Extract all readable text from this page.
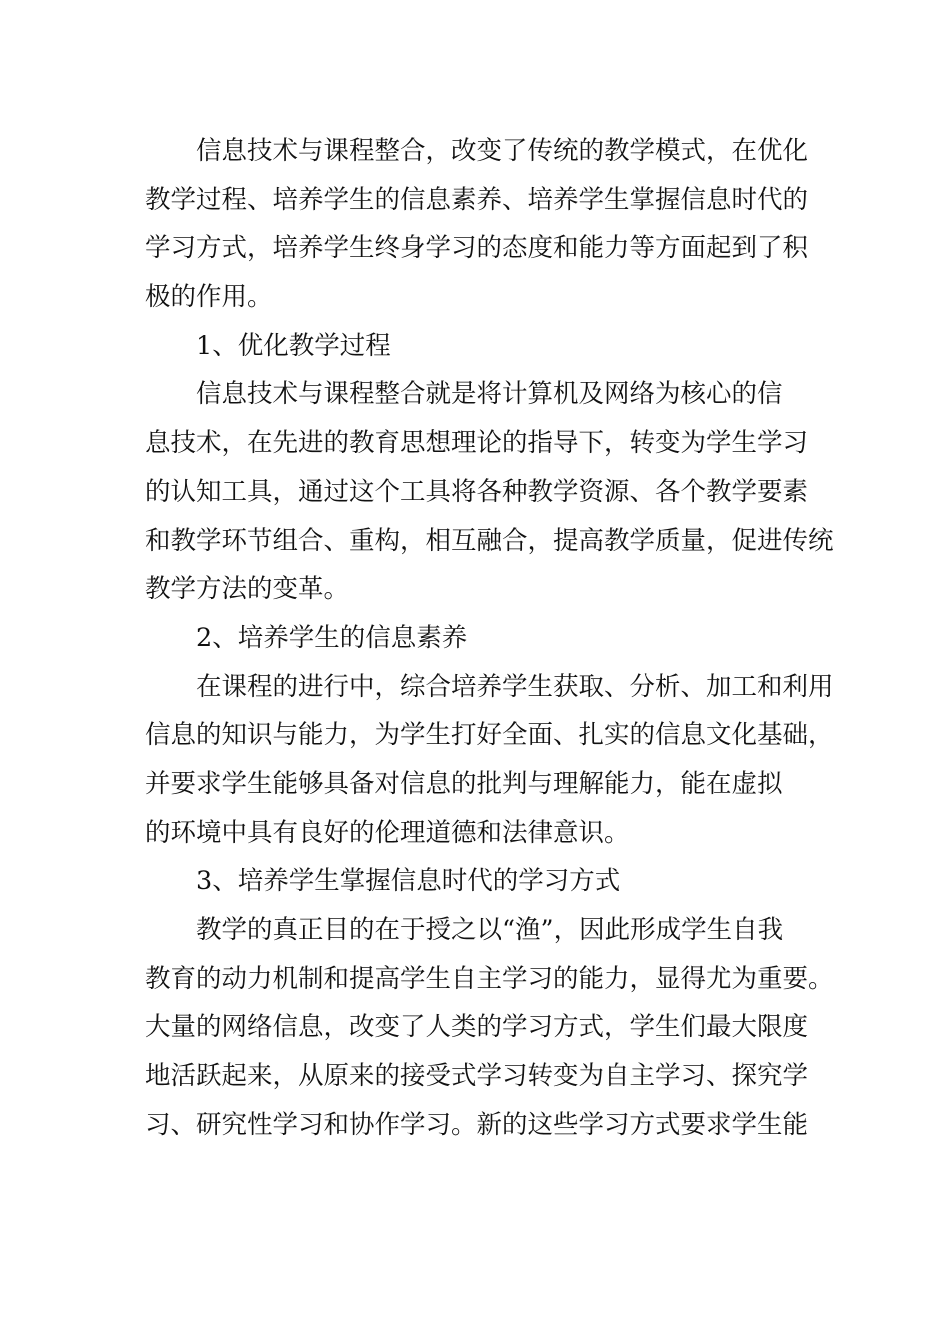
信息技术与课程整合，改变了传统的教学模式，在优化
教学过程、培养学生的信息素养、培养学生掌握信息时代的
学习方式，培养学生终身学习的态度和能力等方面起到了积
极的作用。
1、优化教学过程
信息技术与课程整合就是将计算机及网络为核心的信
息技术，在先进的教育思想理论的指导下，转变为学生学习
的认知工具，通过这个工具将各种教学资源、各个教学要素
和教学环节组合、重构，相互融合，提高教学质量，促进传统
教学方法的变革。
2、培养学生的信息素养
在课程的进行中，综合培养学生获取、分析、加工和利用
信息的知识与能力，为学生打好全面、扎实的信息文化基础，
并要求学生能够具备对信息的批判与理解能力，能在虚拟
的环境中具有良好的伦理道德和法律意识。
3、培养学生掌握信息时代的学习方式
教学的真正目的在于授之以“渔”，因此形成学生自我
教育的动力机制和提高学生自主学习的能力，显得尤为重要。
大量的网络信息，改变了人类的学习方式，学生们最大限度
地活跃起来，从原来的接受式学习转变为自主学习、探究学
习、研究性学习和协作学习。新的这些学习方式要求学生能
